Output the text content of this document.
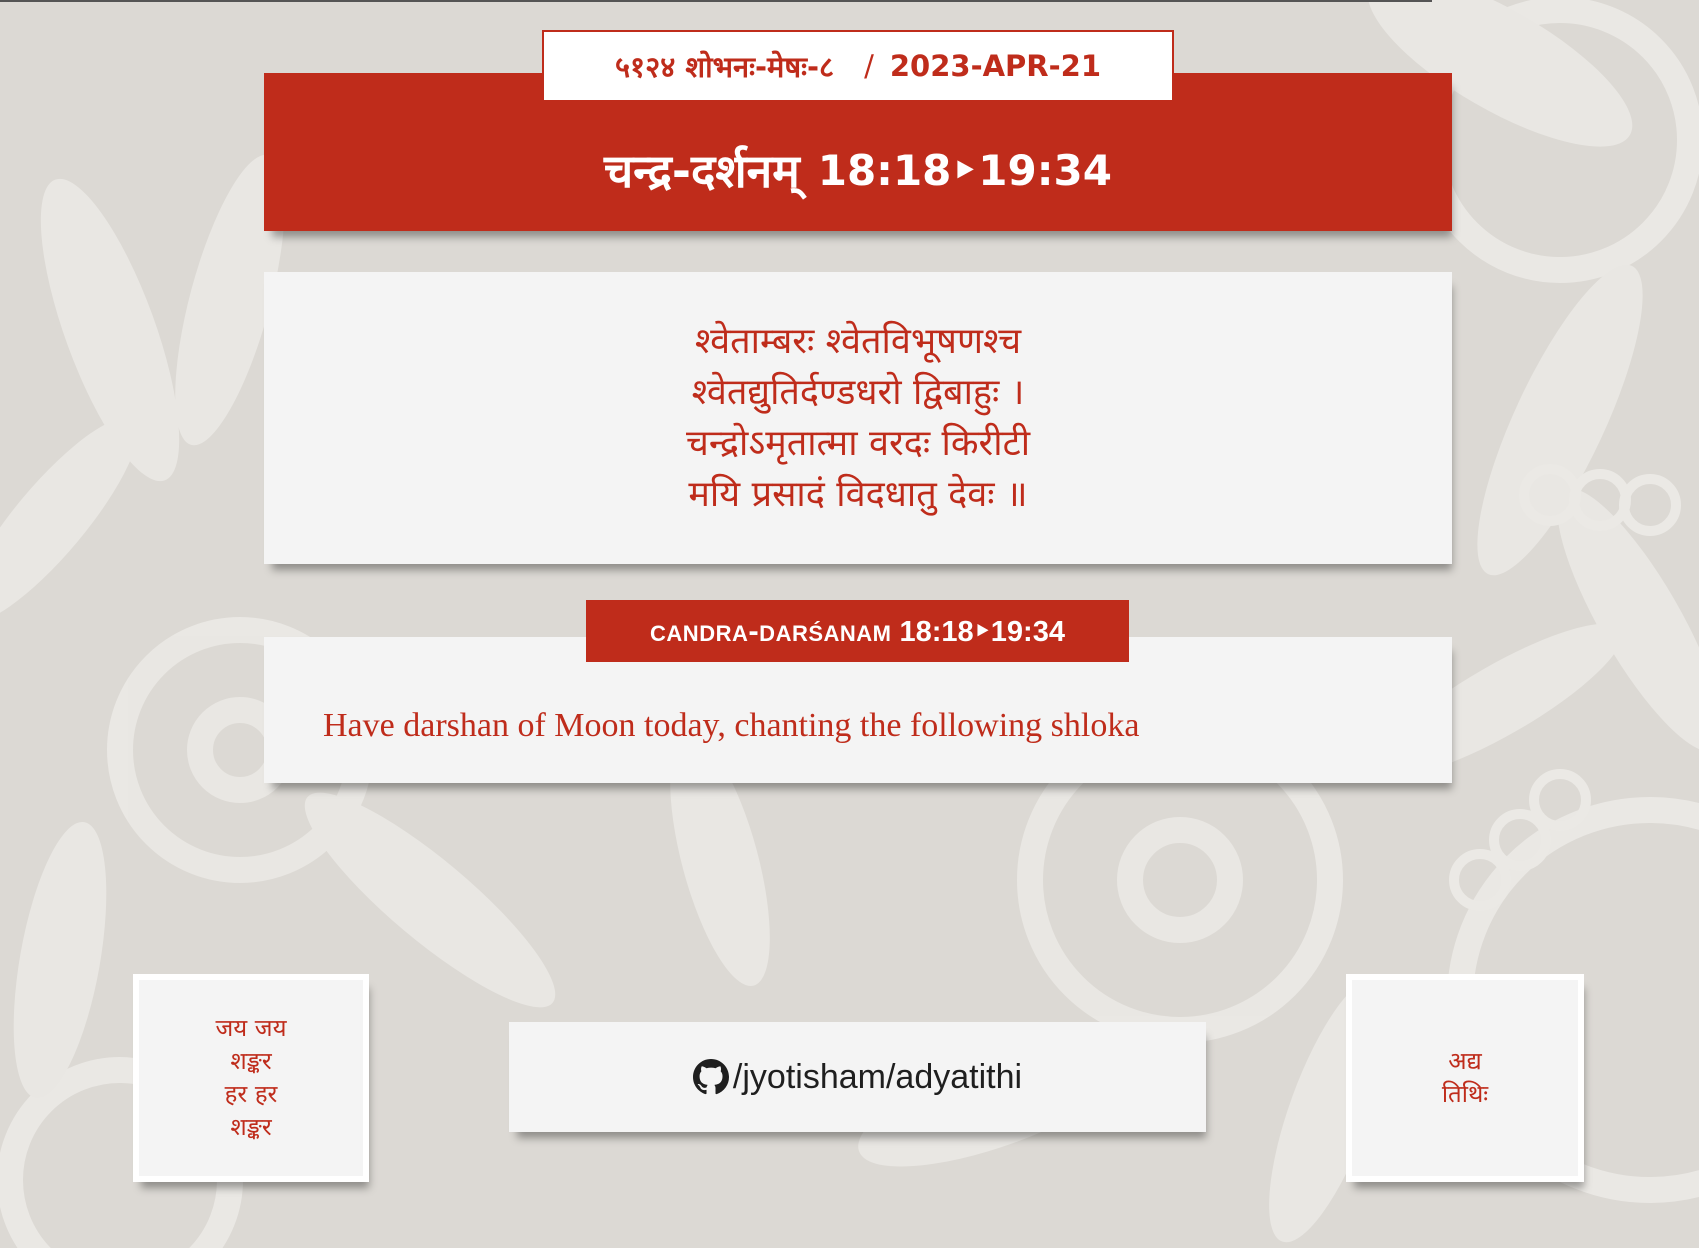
५१२४ शोभनः-मेषः-८ / 2023-APR-21
चन्द्र-दर्शनम् 18:18‣19:34
श्वेताम्बरः श्वेतविभूषणश्च
श्वेतद्युतिर्दण्डधरो द्विबाहुः ।
चन्द्रोऽमृतात्मा वरदः किरीटी
मयि प्रसादं विदधातु देवः ॥
Have darshan of Moon today, chanting the following shloka
candra-darśanam 18:18‣19:34
जय जय
शङ्कर
हर हर
शङ्कर
/jyotisham/adyatithi	अद्य
तिथिः
